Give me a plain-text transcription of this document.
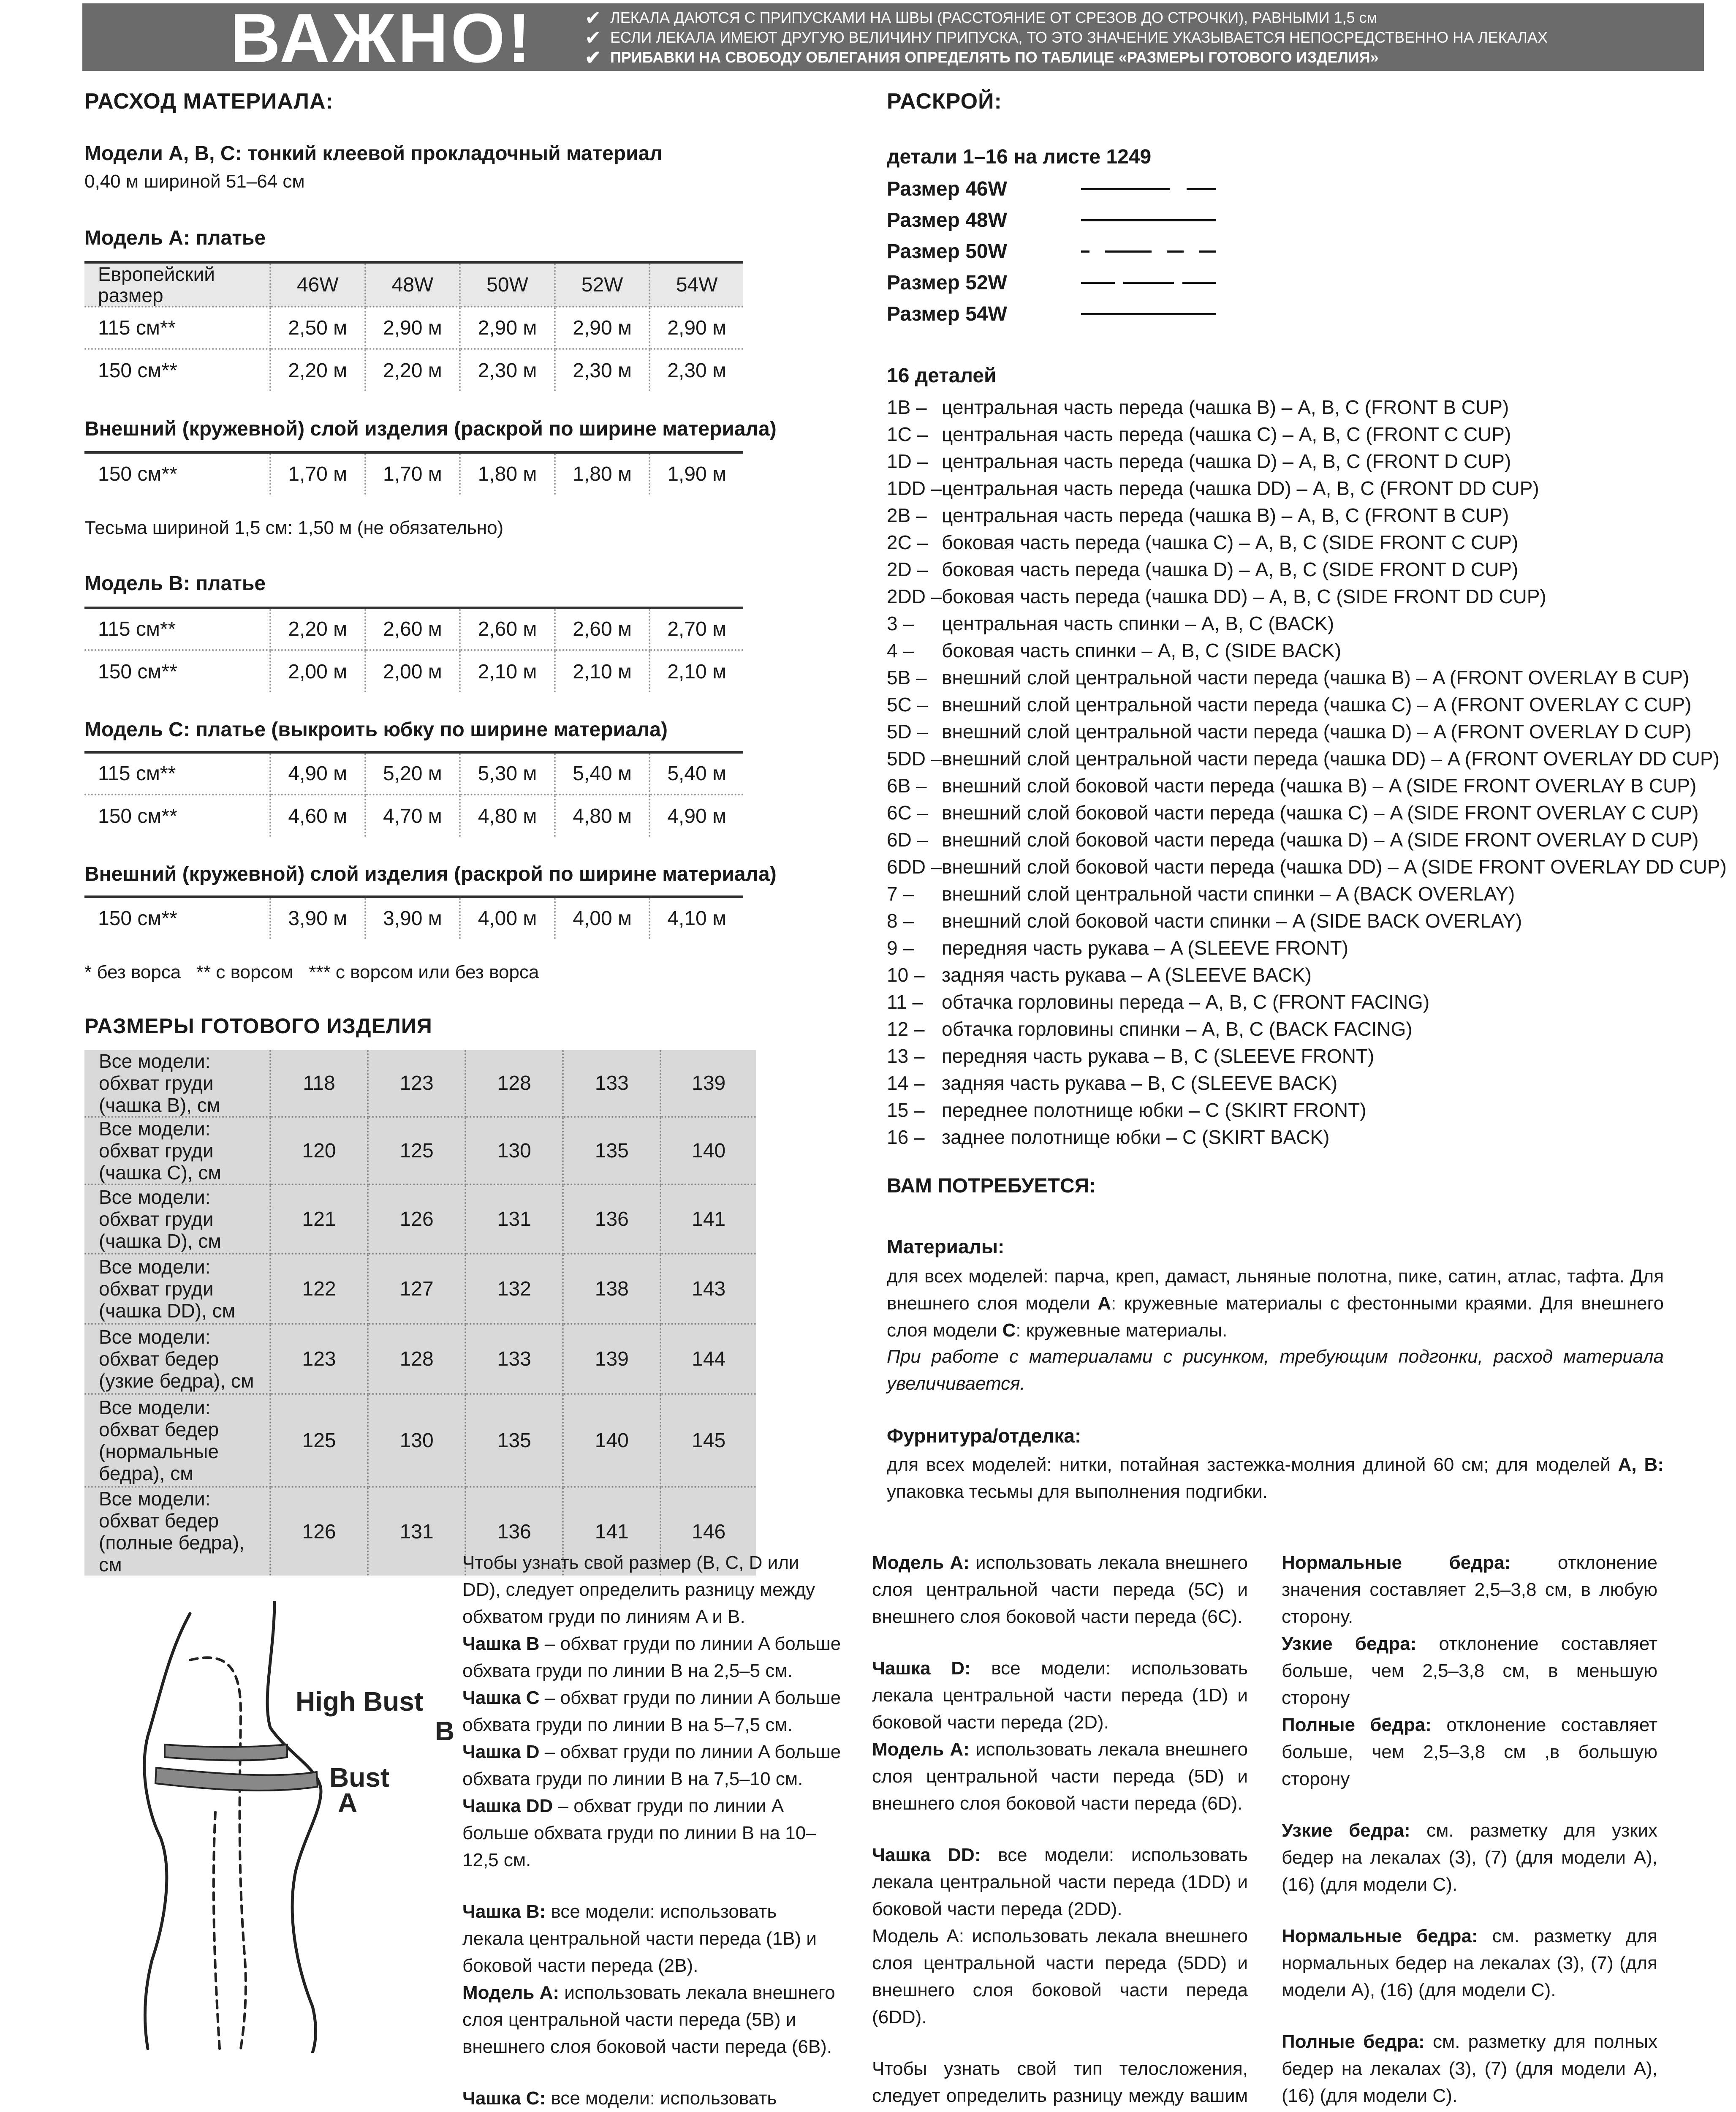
ВАЖНО!	✔ ЛЕКАЛА ДАЮТСЯ С ПРИПУСКАМИ НА ШВЫ (РАССТОЯНИЕ ОТ СРЕЗОВ ДО СТРОЧКИ), РАВНЫМИ 1,5 см
✔ ЕСЛИ ЛЕКАЛА ИМЕЮТ ДРУГУЮ ВЕЛИЧИНУ ПРИПУСКА, ТО ЭТО ЗНАЧЕНИЕ УКАЗЫВАЕТСЯ НЕПОСРЕДСТВЕННО НА ЛЕКАЛАХ
✔ ПРИБАВКИ НА СВОБОДУ ОБЛЕГАНИЯ ОПРЕДЕЛЯТЬ ПО ТАБЛИЦЕ «РАЗМЕРЫ ГОТОВОГО ИЗДЕЛИЯ»
РАСХОД МАТЕРИАЛА:
Модели A, B, C: тонкий клеевой прокладочный материал
0,40 м шириной 51–64 см
Модель А: платье
Европейский размер	46W	48W	50W	52W	54W
115 см**	2,50 м	2,90 м	2,90 м	2,90 м	2,90 м
150 см**	2,20 м	2,20 м	2,30 м	2,30 м	2,30 м
Внешний (кружевной) слой изделия (раскрой по ширине материала)
150 см**	1,70 м	1,70 м	1,80 м	1,80 м	1,90 м
Тесьма шириной 1,5 см: 1,50 м (не обязательно)
Модель B: платье
115 см**	2,20 м	2,60 м	2,60 м	2,60 м	2,70 м
150 см**	2,00 м	2,00 м	2,10 м	2,10 м	2,10 м
Модель C: платье (выкроить юбку по ширине материала)
115 см**	4,90 м	5,20 м	5,30 м	5,40 м	5,40 м
150 см**	4,60 м	4,70 м	4,80 м	4,80 м	4,90 м
Внешний (кружевной) слой изделия (раскрой по ширине материала)
150 см**	3,90 м	3,90 м	4,00 м	4,00 м	4,10 м
* без ворса   ** с ворсом   *** с ворсом или без ворса
РАЗМЕРЫ ГОТОВОГО ИЗДЕЛИЯ
Все модели: обхват груди (чашка B), см	118	123	128	133	139
Все модели: обхват груди (чашка C), см	120	125	130	135	140
Все модели: обхват груди (чашка D), см	121	126	131	136	141
Все модели: обхват груди (чашка DD), см	122	127	132	138	143
Все модели: обхват бедер (узкие бедра), см	123	128	133	139	144
Все модели: обхват бедер (нормальные бедра), см	125	130	135	140	145
Все модели: обхват бедер (полные бедра), см	126	131	136	141	146
РАСКРОЙ:
детали 1–16 на листе 1249
Размер 46W
Размер 48W
Размер 50W
Размер 52W
Размер 54W
16 деталей
1B – центральная часть переда (чашка B) – A, B, C (FRONT B CUP)
1C – центральная часть переда (чашка C) – A, B, C (FRONT C CUP)
1D – центральная часть переда (чашка D) – A, B, C (FRONT D CUP)
1DD –центральная часть переда (чашка DD) – A, B, C (FRONT DD CUP)
2B – центральная часть переда (чашка B) – A, B, C (FRONT B CUP)
2C – боковая часть переда (чашка C) – A, B, C (SIDE FRONT C CUP)
2D – боковая часть переда (чашка D) – A, B, C (SIDE FRONT D CUP)
2DD –боковая часть переда (чашка DD) – A, B, C (SIDE FRONT DD CUP)
3 – центральная часть спинки – A, B, C (BACK)
4 – боковая часть спинки – A, B, C (SIDE BACK)
5B – внешний слой центральной части переда (чашка B) – A (FRONT OVERLAY B CUP)
5C – внешний слой центральной части переда (чашка C) – A (FRONT OVERLAY C CUP)
5D – внешний слой центральной части переда (чашка D) – A (FRONT OVERLAY D CUP)
5DD –внешний слой центральной части переда (чашка DD) – A (FRONT OVERLAY DD CUP)
6B – внешний слой боковой части переда (чашка B) – A (SIDE FRONT OVERLAY B CUP)
6C – внешний слой боковой части переда (чашка C) – A (SIDE FRONT OVERLAY C CUP)
6D – внешний слой боковой части переда (чашка D) – A (SIDE FRONT OVERLAY D CUP)
6DD –внешний слой боковой части переда (чашка DD) – A (SIDE FRONT OVERLAY DD CUP)
7 – внешний слой центральной части спинки – A (BACK OVERLAY)
8 – внешний слой боковой части спинки – A (SIDE BACK OVERLAY)
9 – передняя часть рукава – A (SLEEVE FRONT)
10 – задняя часть рукава – A (SLEEVE BACK)
11 – обтачка горловины переда – A, B, C (FRONT FACING)
12 – обтачка горловины спинки – A, B, C (BACK FACING)
13 – передняя часть рукава – B, C (SLEEVE FRONT)
14 – задняя часть рукава – B, C (SLEEVE BACK)
15 – переднее полотнище юбки – C (SKIRT FRONT)
16 – заднее полотнище юбки – C (SKIRT BACK)
ВАМ ПОТРЕБУЕТСЯ:
Материалы:
для всех моделей: парча, креп, дамаст, льняные полотна, пике, сатин, атлас, тафта. Для внешнего слоя модели A: кружевные материалы с фестонными краями. Для внешнего слоя модели C: кружевные материалы.
При работе с материалами с рисунком, требующим подгонки, расход материала увеличивается.
Фурнитура/отделка:
для всех моделей: нитки, потайная застежка-молния длиной 60 см; для моделей A, B: упаковка тесьмы для выполнения подгибки.
High Bust
B
Bust
A
Чтобы узнать свой размер (B, C, D или DD), следует определить разницу между обхватом груди по линиям A и B.
Чашка B – обхват груди по линии A больше обхвата груди по линии B на 2,5–5 см.
Чашка C – обхват груди по линии A больше обхвата груди по линии B на 5–7,5 см.
Чашка D – обхват груди по линии A больше обхвата груди по линии B на 7,5–10 см.
Чашка DD – обхват груди по линии A больше обхвата груди по линии B на 10–12,5 см.
Чашка B: все модели: использовать лекала центральной части переда (1B) и боковой части переда (2B).
Модель А: использовать лекала внешнего слоя центральной части переда (5B) и внешнего слоя боковой части переда (6B).
Чашка C: все модели: использовать
Модель А: использовать лекала внешнего слоя центральной части переда (5C) и внешнего слоя боковой части переда (6C).
Чашка D: все модели: использовать лекала центральной части переда (1D) и боковой части переда (2D).
Модель А: использовать лекала внешнего слоя центральной части переда (5D) и внешнего слоя боковой части переда (6D).
Чашка DD: все модели: использовать лекала центральной части переда (1DD) и боковой части переда (2DD).
Модель А: использовать лекала внешнего слоя центральной части переда (5DD) и внешнего слоя боковой части переда (6DD).
Чтобы узнать свой тип телосложения, следует определить разницу между вашим
Нормальные бедра: отклонение значения составляет 2,5–3,8 см, в любую сторону.
Узкие бедра: отклонение составляет больше, чем 2,5–3,8 см, в меньшую сторону
Полные бедра: отклонение составляет больше, чем 2,5–3,8 см ,в большую сторону
Узкие бедра: см. разметку для узких бедер на лекалах (3), (7) (для модели A), (16) (для модели C).
Нормальные бедра: см. разметку для нормальных бедер на лекалах (3), (7) (для модели A), (16) (для модели C).
Полные бедра: см. разметку для полных бедер на лекалах (3), (7) (для модели A), (16) (для модели C).
